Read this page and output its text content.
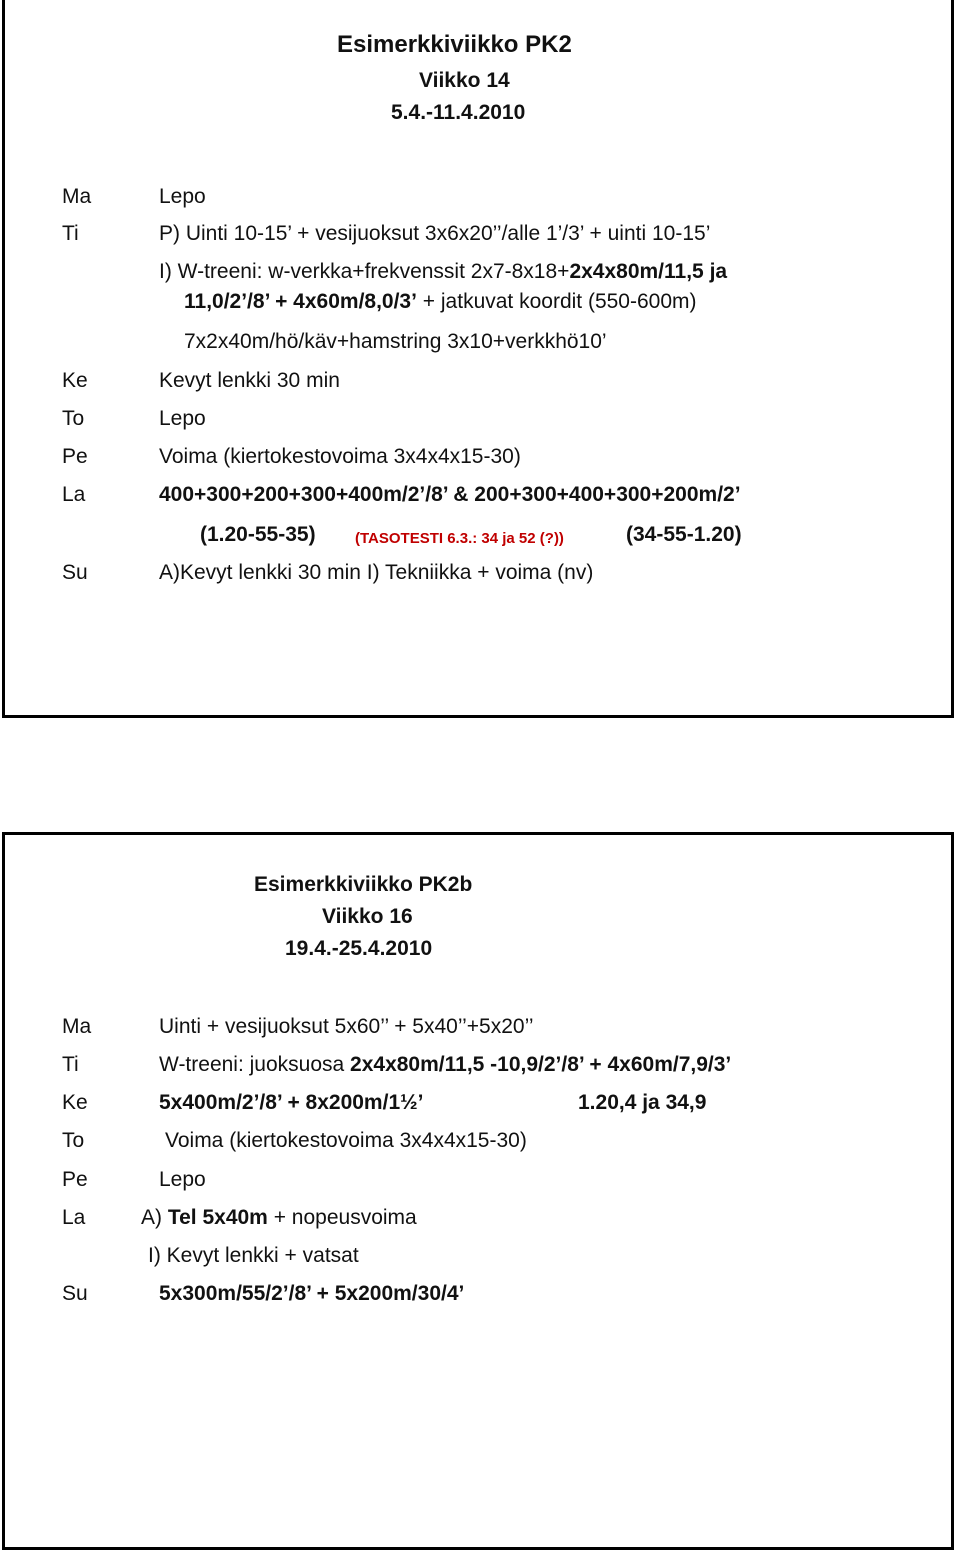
Esimerkkiviikko PK2
Viikko 14
5.4.-11.4.2010
Ma	Lepo
Ti	P) Uinti 10-15’ + vesijuoksut 3x6x20’’/alle 1’/3’ + uinti 10-15’
I) W-treeni: w-verkka+frekvenssit 2x7-8x18+2x4x80m/11,5 ja
11,0/2’/8’ + 4x60m/8,0/3’ + jatkuvat koordit (550-600m)
7x2x40m/hö/käv+hamstring 3x10+verkkhö10’
Ke	Kevyt lenkki 30 min
To	Lepo
Pe	Voima (kiertokestovoima 3x4x4x15-30)
La	400+300+200+300+400m/2’/8’ & 200+300+400+300+200m/2’
(1.20-55-35)	(TASOTESTI 6.3.: 34 ja 52 (?))	(34-55-1.20)
Su	A)Kevyt lenkki 30 min I) Tekniikka + voima (nv)
Esimerkkiviikko PK2b
Viikko 16
19.4.-25.4.2010
Ma	Uinti + vesijuoksut 5x60’’ + 5x40’’+5x20’’
Ti	W-treeni: juoksuosa 2x4x80m/11,5 -10,9/2’/8’ + 4x60m/7,9/3’
Ke	5x400m/2’/8’ + 8x200m/1½’	1.20,4 ja 34,9
To	Voima (kiertokestovoima 3x4x4x15-30)
Pe	Lepo
La	A) Tel 5x40m + nopeusvoima
I) Kevyt lenkki + vatsat
Su	5x300m/55/2’/8’ + 5x200m/30/4’
